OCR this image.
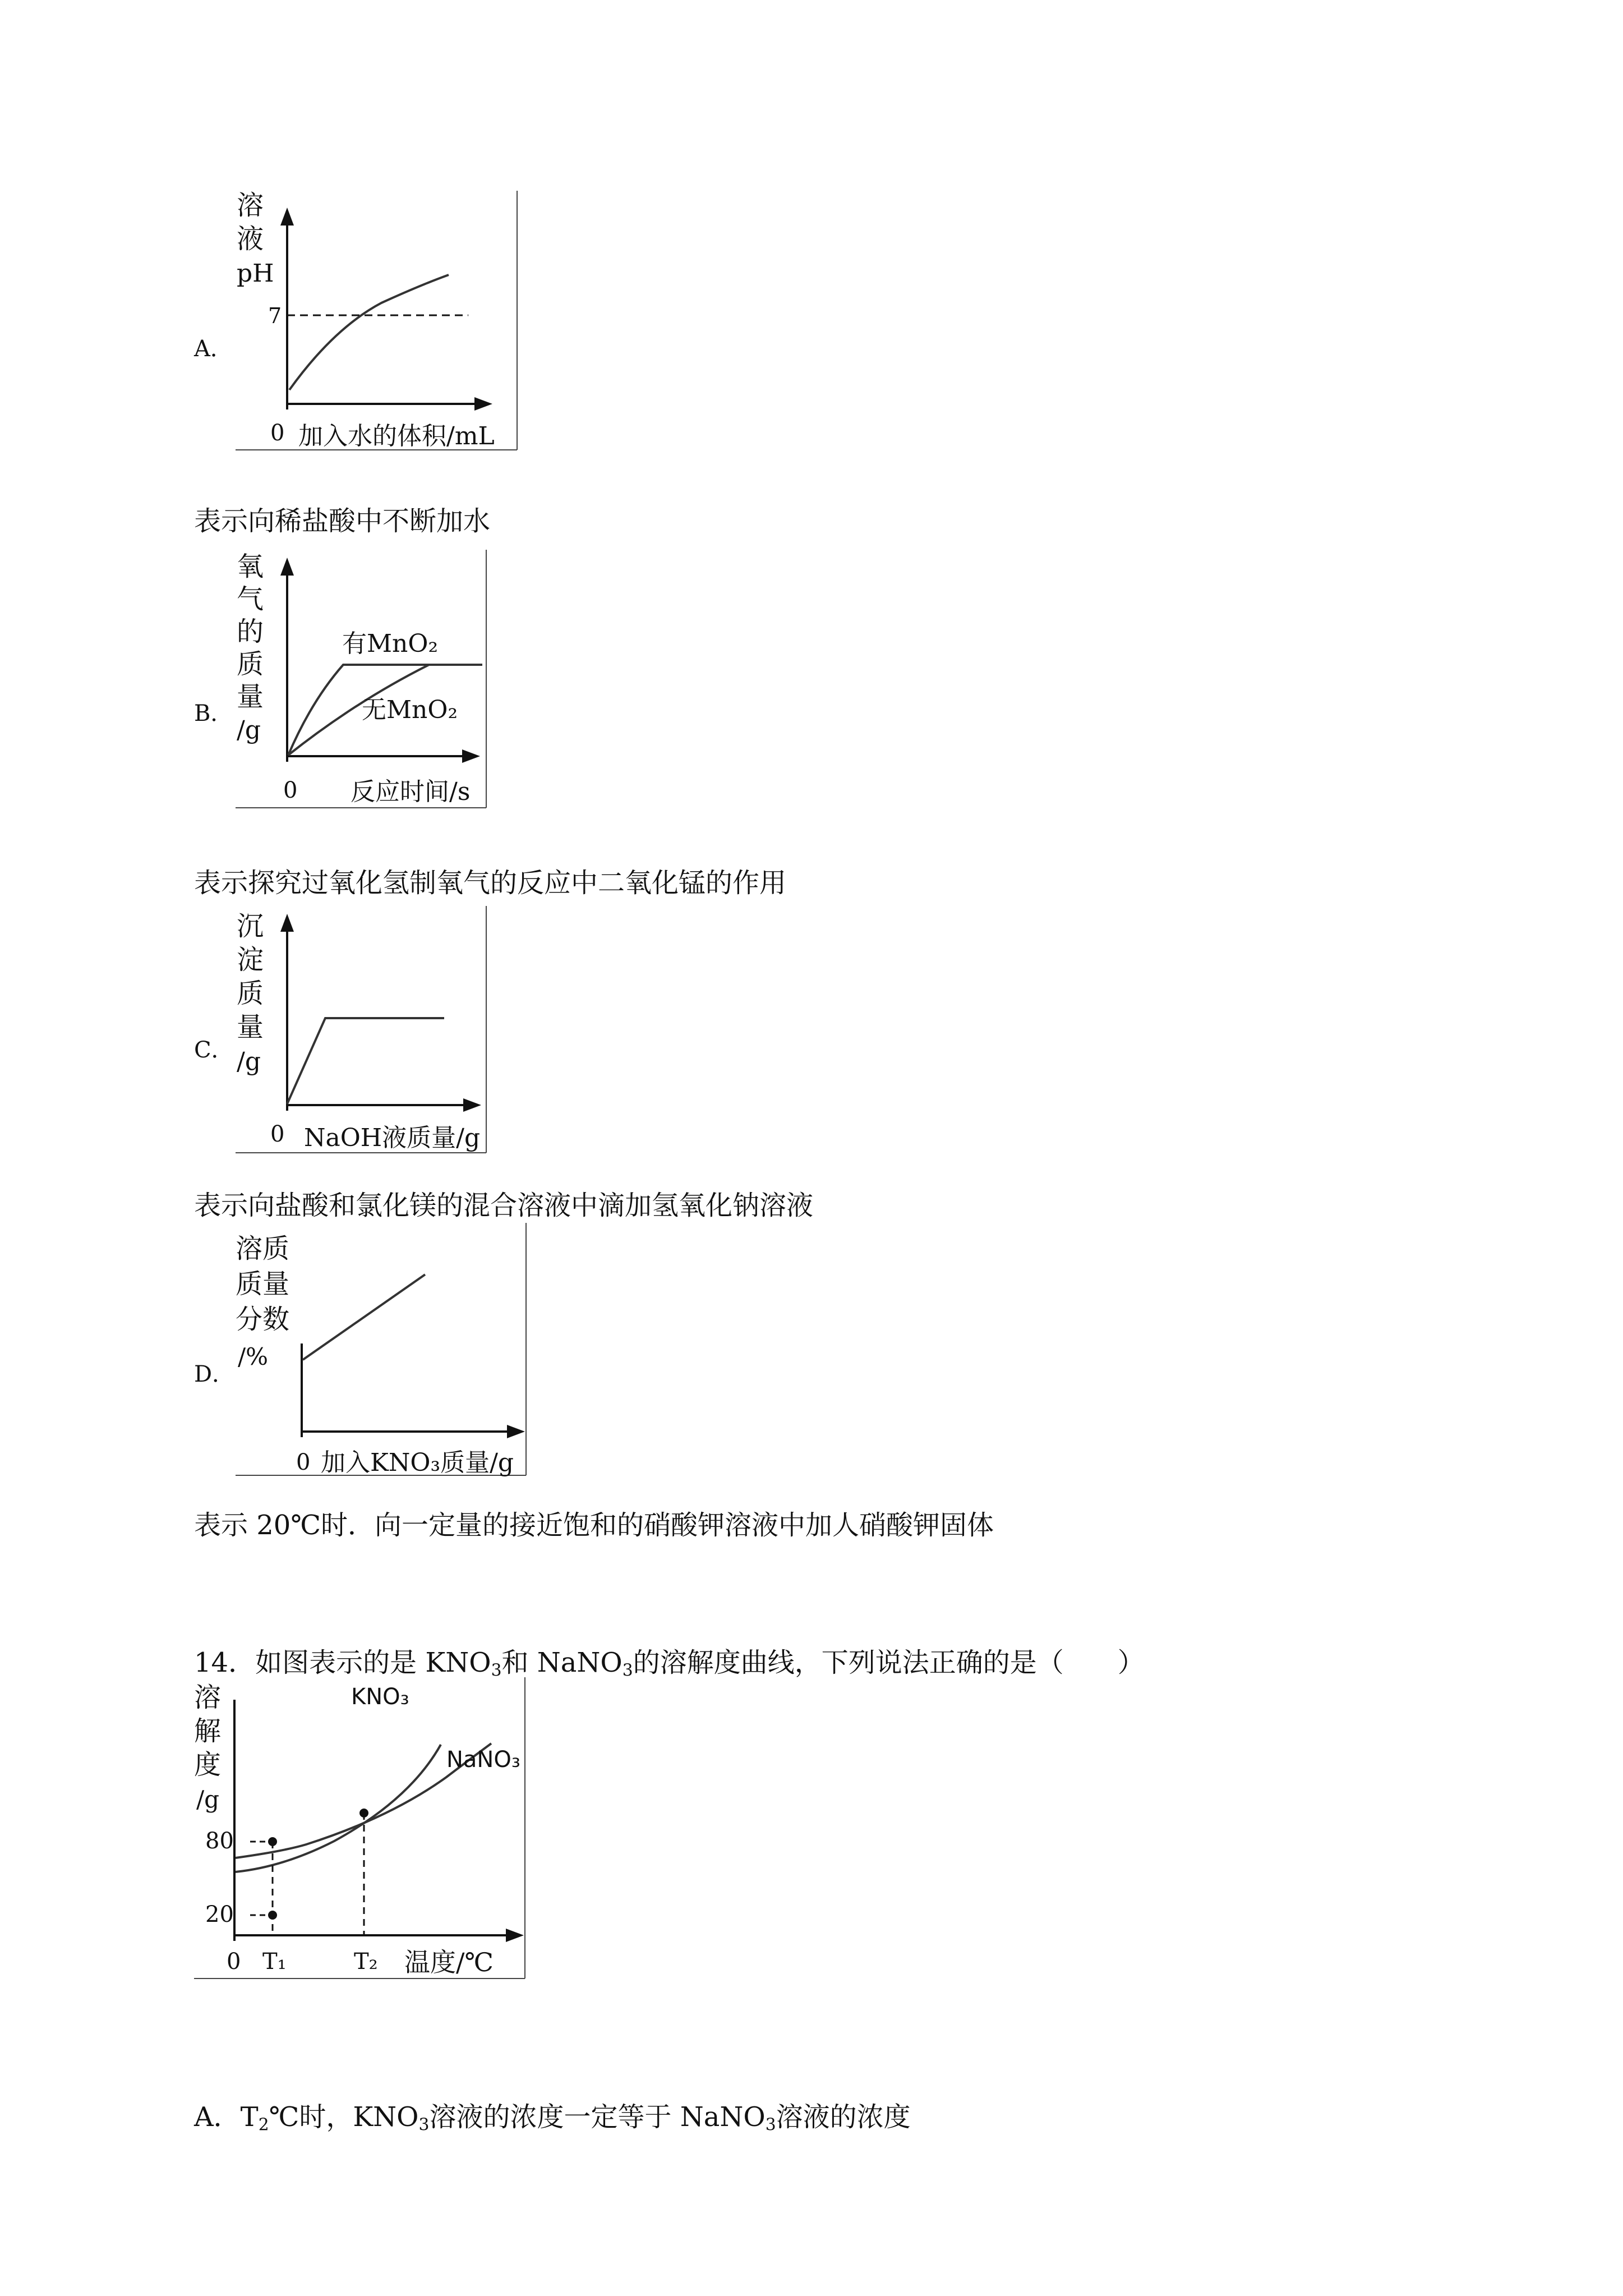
A．
溶
液
pH
7
0 加入水的体积/mL
表示向稀盐酸中不断加水
B．
氧
气
的
质
量
/g
有MnO₂
无MnO₂
0 反应时间/s
表示探究过氧化氢制氧气的反应中二氧化锰的作用
C．
沉
淀
质
量
/g
0 NaOH液质量/g
表示向盐酸和氯化镁的混合溶液中滴加氢氧化钠溶液
D．
溶质
质量
分数
/%
0 加入KNO₃质量/g
表示 20℃时．向一定量的接近饱和的硝酸钾溶液中加人硝酸钾固体
14．如图表示的是 $KNO_3$和 NaNO$_3$的溶解度曲线，下列说法正确的是（　　）
溶
解
度
/g
80
20
0 T₁	T₂ 温度/℃
KNO₃
NaNO₃
A．$T_2℃$时，$KNO_3$溶液的浓度一定等于 NaNO$_3$溶液的浓度
